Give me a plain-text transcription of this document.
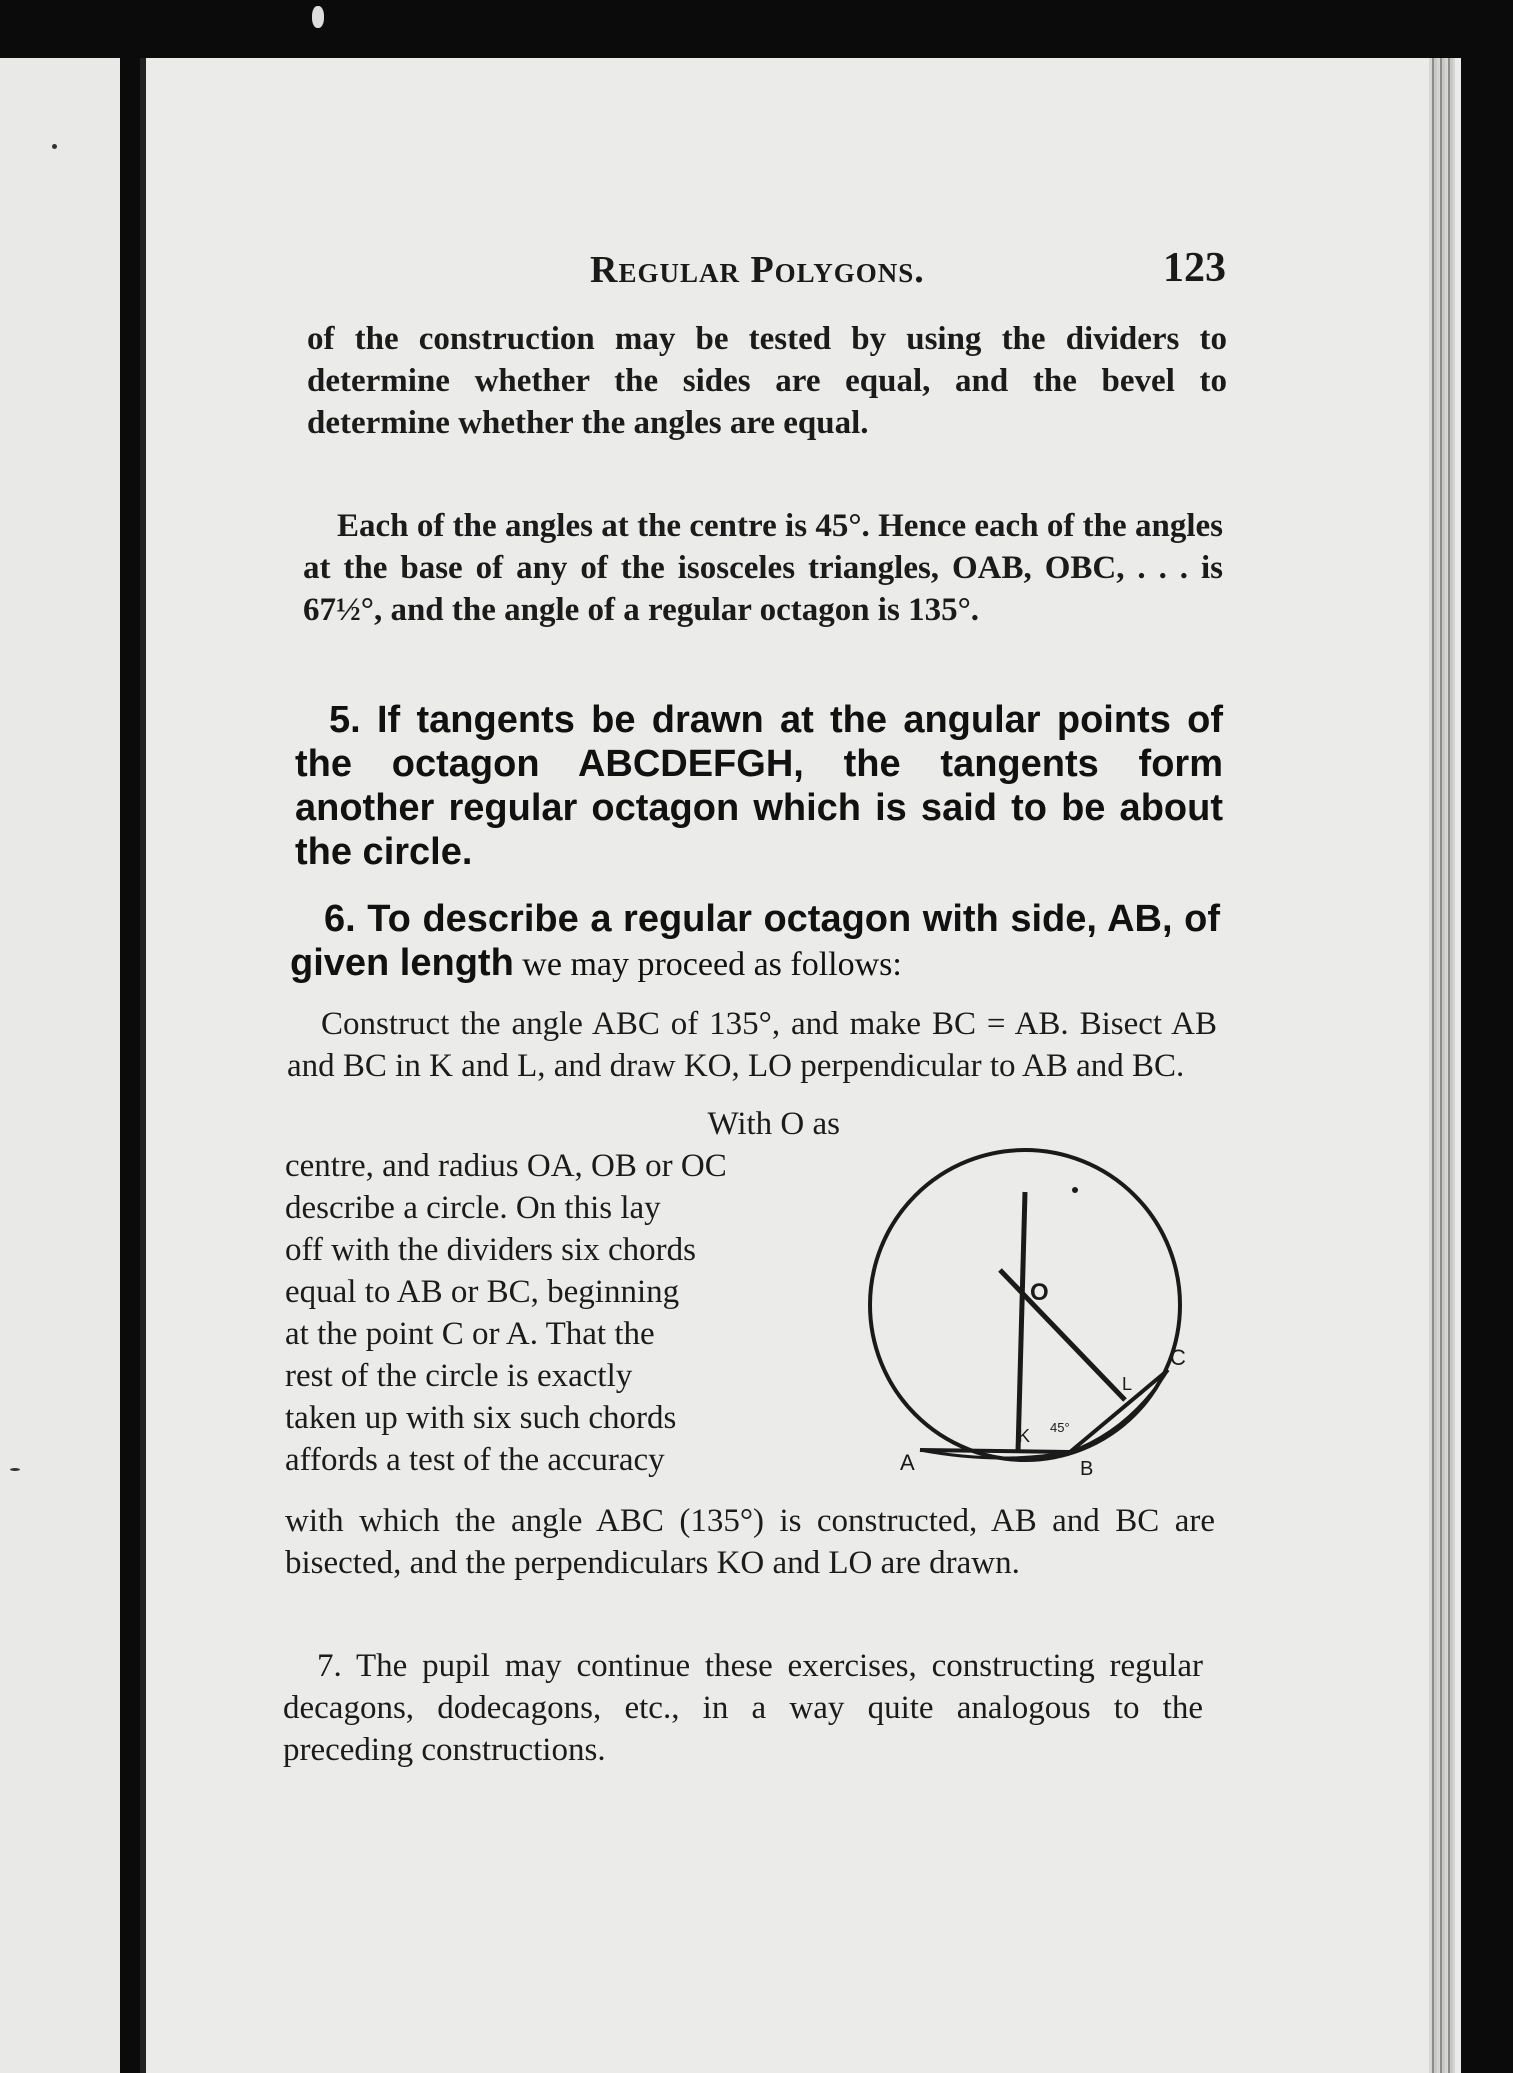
Regular Polygons.	123
of the construction may be tested by using the dividers to determine whether the sides are equal, and the bevel to determine whether the angles are equal.
Each of the angles at the centre is 45°. Hence each of the angles at the base of any of the isosceles triangles, OAB, OBC, . . . is 67½°, and the angle of a regular octagon is 135°.
5. If tangents be drawn at the angular points of the octagon ABCDEFGH, the tangents form another regular octagon which is said to be about the circle.
6. To describe a regular octagon with side, AB, of given length we may proceed as follows:
Construct the angle ABC of 135°, and make BC = AB. Bisect AB and BC in K and L, and draw KO, LO perpendicular to AB and BC.
With O as
centre, and radius OA, OB or OC
describe a circle. On this lay
off with the dividers six chords
equal to AB or BC, beginning
at the point C or A. That the
rest of the circle is exactly
taken up with six such chords
affords a test of the accuracy
O
K
L
C
A	B
45°
with which the angle ABC (135°) is constructed, AB and BC are bisected, and the perpendiculars KO and LO are drawn.
7. The pupil may continue these exercises, constructing regular decagons, dodecagons, etc., in a way quite analogous to the preceding constructions.
